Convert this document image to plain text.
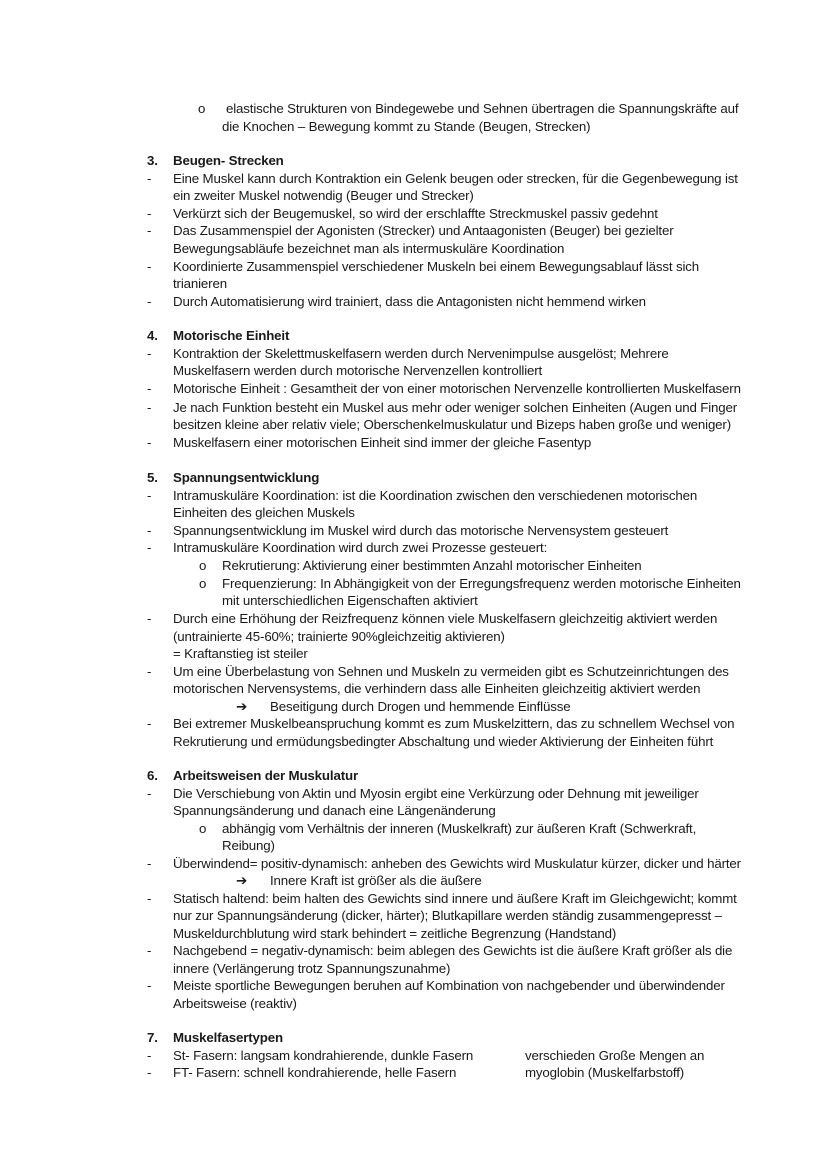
o elastische Strukturen von Bindegewebe und Sehnen übertragen die Spannungskräfte auf
die Knochen – Bewegung kommt zu Stande (Beugen, Strecken)
3. Beugen- Strecken
- Eine Muskel kann durch Kontraktion ein Gelenk beugen oder strecken, für die Gegenbewegung ist
ein zweiter Muskel notwendig (Beuger und Strecker)
- Verkürzt sich der Beugemuskel, so wird der erschlaffte Streckmuskel passiv gedehnt
- Das Zusammenspiel der Agonisten (Strecker) und Antaagonisten (Beuger) bei gezielter
Bewegungsabläufe bezeichnet man als intermuskuläre Koordination
- Koordinierte Zusammenspiel verschiedener Muskeln bei einem Bewegungsablauf lässt sich
trianieren
- Durch Automatisierung wird trainiert, dass die Antagonisten nicht hemmend wirken
4. Motorische Einheit
- Kontraktion der Skelettmuskelfasern werden durch Nervenimpulse ausgelöst; Mehrere
Muskelfasern werden durch motorische Nervenzellen kontrolliert
- Motorische Einheit : Gesamtheit der von einer motorischen Nervenzelle kontrollierten Muskelfasern
- Je nach Funktion besteht ein Muskel aus mehr oder weniger solchen Einheiten (Augen und Finger
besitzen kleine aber relativ viele; Oberschenkelmuskulatur und Bizeps haben große und weniger)
- Muskelfasern einer motorischen Einheit sind immer der gleiche Fasentyp
5. Spannungsentwicklung
- Intramuskuläre Koordination: ist die Koordination zwischen den verschiedenen motorischen
Einheiten des gleichen Muskels
- Spannungsentwicklung im Muskel wird durch das motorische Nervensystem gesteuert
- Intramuskuläre Koordination wird durch zwei Prozesse gesteuert:
o Rekrutierung: Aktivierung einer bestimmten Anzahl motorischer Einheiten
o Frequenzierung: In Abhängigkeit von der Erregungsfrequenz werden motorische Einheiten
mit unterschiedlichen Eigenschaften aktiviert
- Durch eine Erhöhung der Reizfrequenz können viele Muskelfasern gleichzeitig aktiviert werden
(untrainierte 45-60%; trainierte 90%gleichzeitig aktivieren)
= Kraftanstieg ist steiler
- Um eine Überbelastung von Sehnen und Muskeln zu vermeiden gibt es Schutzeinrichtungen des
motorischen Nervensystems, die verhindern dass alle Einheiten gleichzeitig aktiviert werden
➔ Beseitigung durch Drogen und hemmende Einflüsse
- Bei extremer Muskelbeanspruchung kommt es zum Muskelzittern, das zu schnellem Wechsel von
Rekrutierung und ermüdungsbedingter Abschaltung und wieder Aktivierung der Einheiten führt
6. Arbeitsweisen der Muskulatur
- Die Verschiebung von Aktin und Myosin ergibt eine Verkürzung oder Dehnung mit jeweiliger
Spannungsänderung und danach eine Längenänderung
o abhängig vom Verhältnis der inneren (Muskelkraft) zur äußeren Kraft (Schwerkraft,
Reibung)
- Überwindend= positiv-dynamisch: anheben des Gewichts wird Muskulatur kürzer, dicker und härter
➔ Innere Kraft ist größer als die äußere
- Statisch haltend: beim halten des Gewichts sind innere und äußere Kraft im Gleichgewicht; kommt
nur zur Spannungsänderung (dicker, härter); Blutkapillare werden ständig zusammengepresst –
Muskeldurchblutung wird stark behindert = zeitliche Begrenzung (Handstand)
- Nachgebend = negativ-dynamisch: beim ablegen des Gewichts ist die äußere Kraft größer als die
innere (Verlängerung trotz Spannungszunahme)
- Meiste sportliche Bewegungen beruhen auf Kombination von nachgebender und überwindender
Arbeitsweise (reaktiv)
7. Muskelfasertypen
- St- Fasern: langsam kondrahierende, dunkle Fasern	verschieden Große Mengen an
- FT- Fasern: schnell kondrahierende, helle Fasern	myoglobin (Muskelfarbstoff)
